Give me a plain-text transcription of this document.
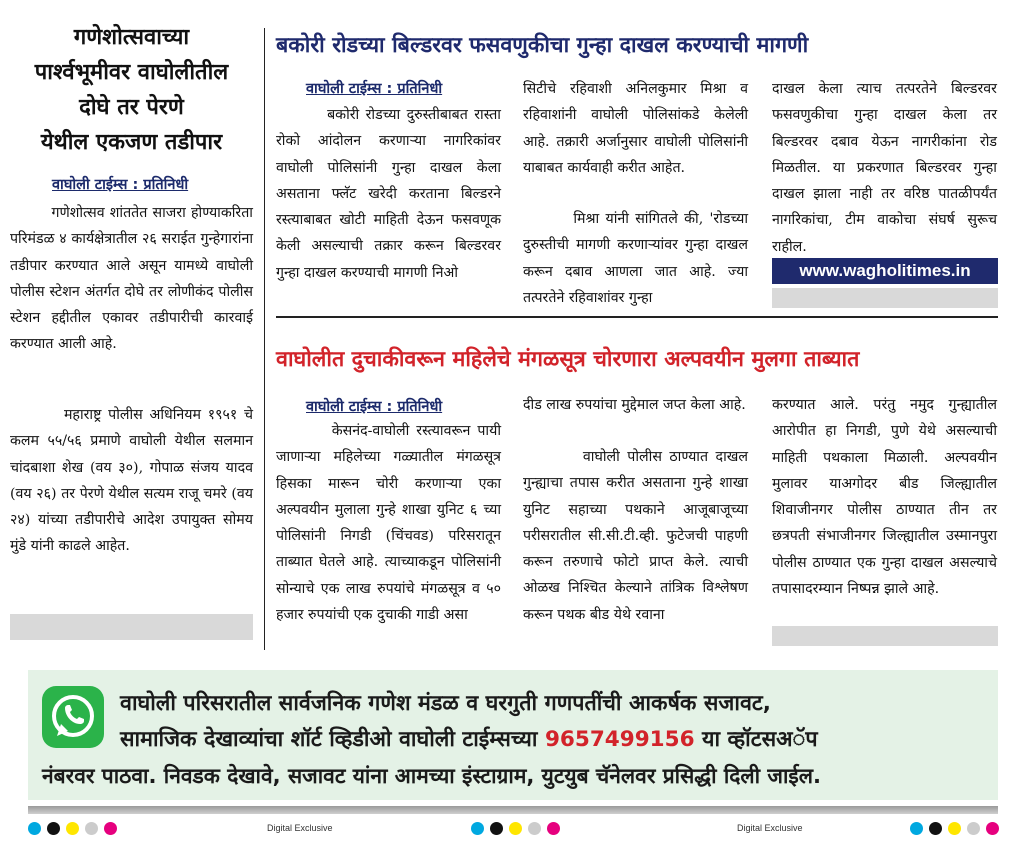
गणेशोत्सवाच्या
पार्श्वभूमीवर वाघोलीतील
दोघे तर पेरणे
येथील एकजण तडीपार
वाघोली टाईम्स : प्रतिनिधी
गणेशोत्सव शांततेत साजरा होण्याकरिता परिमंडळ ४ कार्यक्षेत्रातील २६ सराईत गुन्हेगारांना तडीपार करण्यात आले असून यामध्ये वाघोली पोलीस स्टेशन अंतर्गत दोघे तर लोणीकंद पोलीस स्टेशन हद्दीतील एकावर तडीपारीची कारवाई करण्यात आली आहे.
महाराष्ट्र पोलीस अधिनियम १९५१ चे कलम ५५/५६ प्रमाणे वाघोली येथील सलमान चांदबाशा शेख (वय ३०), गोपाळ संजय यादव (वय २६) तर पेरणे येथील सत्यम राजू चमरे (वय २४) यांच्या तडीपारीचे आदेश उपायुक्त सोमय मुंडे यांनी काढले आहेत.
बकोरी रोडच्या बिल्डरवर फसवणुकीचा गुन्हा दाखल करण्याची मागणी
वाघोली टाईम्स : प्रतिनिधी
बकोरी रोडच्या दुरुस्तीबाबत रास्ता रोको आंदोलन करणाऱ्या नागरिकांवर वाघोली पोलिसांनी गुन्हा दाखल केला असताना फ्लॅट खरेदी करताना बिल्डरने रस्त्याबाबत खोटी माहिती देऊन फसवणूक केली असल्याची तक्रार करून बिल्डरवर गुन्हा दाखल करण्याची मागणी निओ
सिटीचे रहिवाशी अनिलकुमार मिश्रा व रहिवाशांनी वाघोली पोलिसांकडे केलेली आहे. तक्रारी अर्जानुसार वाघोली पोलिसांनी याबाबत कार्यवाही करीत आहेत.
मिश्रा यांनी सांगितले की, 'रोडच्या दुरुस्तीची मागणी करणाऱ्यांवर गुन्हा दाखल करून दबाव आणला जात आहे. ज्या तत्परतेने रहिवाशांवर गुन्हा
दाखल केला त्याच तत्परतेने बिल्डरवर फसवणुकीचा गुन्हा दाखल केला तर बिल्डरवर दबाव येऊन नागरीकांना रोड मिळतील. या प्रकरणात बिल्डरवर गुन्हा दाखल झाला नाही तर वरिष्ठ पातळीपर्यंत नागरिकांचा, टीम वाकोचा संघर्ष सुरूच राहील.
www.wagholitimes.in
वाघोलीत दुचाकीवरून महिलेचे मंगळसूत्र चोरणारा अल्पवयीन मुलगा ताब्यात
वाघोली टाईम्स : प्रतिनिधी
केसनंद-वाघोली रस्त्यावरून पायी जाणाऱ्या महिलेच्या गळ्यातील मंगळसूत्र हिसका मारून चोरी करणाऱ्या एका अल्पवयीन मुलाला गुन्हे शाखा युनिट ६ च्या पोलिसांनी निगडी (चिंचवड) परिसरातून ताब्यात घेतले आहे. त्याच्याकडून पोलिसांनी सोन्याचे एक लाख रुपयांचे मंगळसूत्र व ५० हजार रुपयांची एक दुचाकी गाडी असा
दीड लाख रुपयांचा मुद्देमाल जप्त केला आहे.
वाघोली पोलीस ठाण्यात दाखल गुन्ह्याचा तपास करीत असताना गुन्हे शाखा युनिट सहाच्या पथकाने आजूबाजूच्या परीसरातील सी.सी.टी.व्ही. फुटेजची पाहणी करून तरुणाचे फोटो प्राप्त केले. त्याची ओळख निश्चित केल्याने तांत्रिक विश्लेषण करून पथक बीड येथे रवाना
करण्यात आले. परंतु नमुद गुन्ह्यातील आरोपीत हा निगडी, पुणे येथे असल्याची माहिती पथकाला मिळाली. अल्पवयीन मुलावर याअगोदर बीड जिल्ह्यातील शिवाजीनगर पोलीस ठाण्यात तीन तर छत्रपती संभाजीनगर जिल्ह्यातील उस्मानपुरा पोलीस ठाण्यात एक गुन्हा दाखल असल्याचे तपासादरम्यान निष्पन्न झाले आहे.
वाघोली परिसरातील सार्वजनिक गणेश मंडळ व घरगुती गणपतींची आकर्षक सजावट,
सामाजिक देखाव्यांचा शॉर्ट व्हिडीओ वाघोली टाईम्सच्या 9657499156 या व्हॉटसअॅप
नंबरवर पाठवा. निवडक देखावे, सजावट यांना आमच्या इंस्टाग्राम, युटयुब चॅनेलवर प्रसिद्धी दिली जाईल.
Digital Exclusive	Digital Exclusive
